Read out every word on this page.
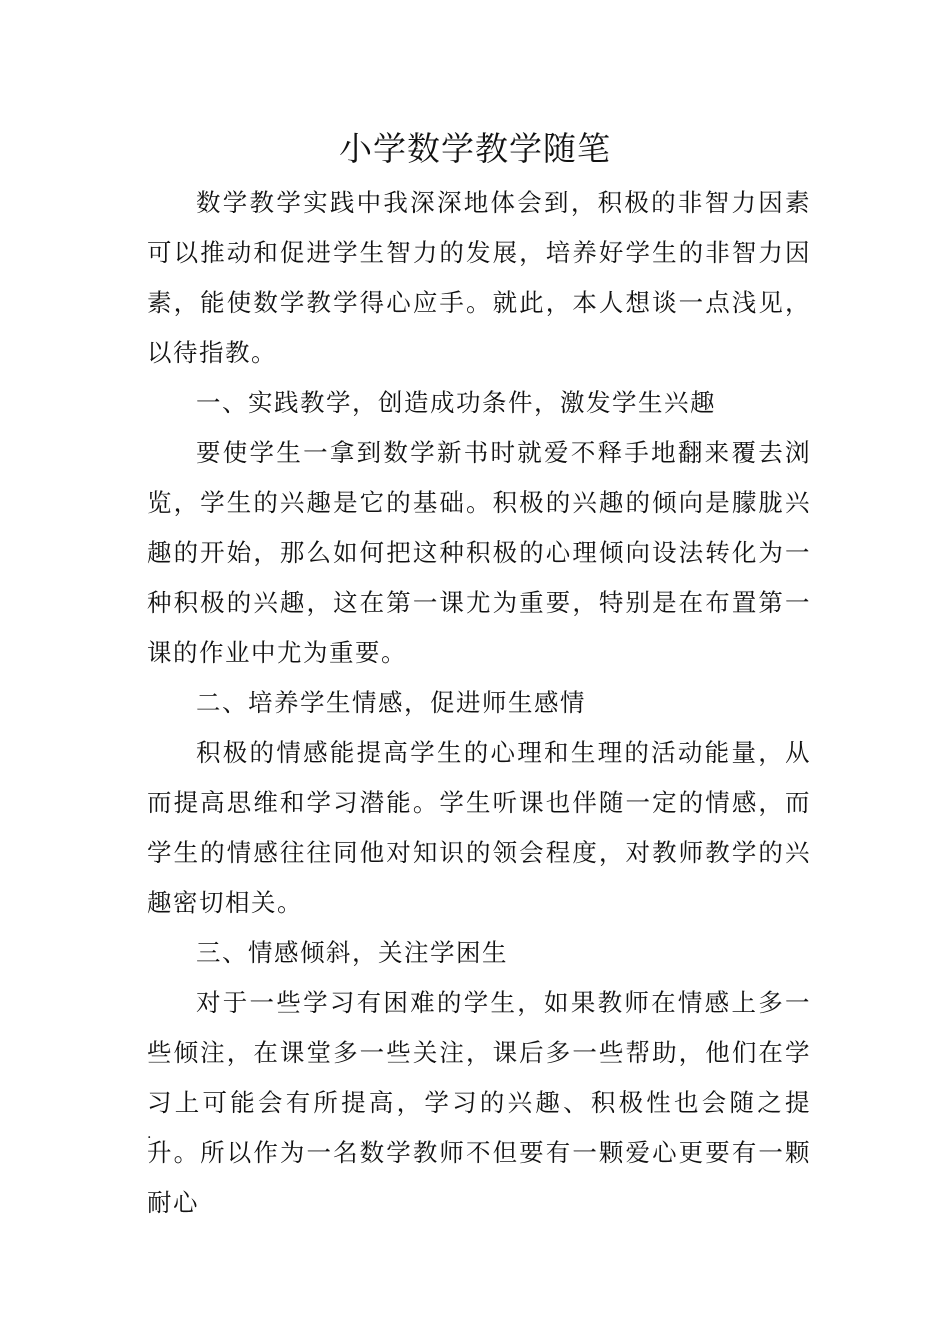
小学数学教学随笔

数学教学实践中我深深地体会到，积极的非智力因素可以推动和促进学生智力的发展，培养好学生的非智力因素，能使数学教学得心应手。就此，本人想谈一点浅见，以待指教。

一、实践教学，创造成功条件，激发学生兴趣

要使学生一拿到数学新书时就爱不释手地翻来覆去浏览，学生的兴趣是它的基础。积极的兴趣的倾向是朦胧兴趣的开始，那么如何把这种积极的心理倾向设法转化为一种积极的兴趣，这在第一课尤为重要，特别是在布置第一课的作业中尤为重要。

二、培养学生情感，促进师生感情

积极的情感能提高学生的心理和生理的活动能量，从而提高思维和学习潜能。学生听课也伴随一定的情感，而学生的情感往往同他对知识的领会程度，对教师教学的兴趣密切相关。

三、情感倾斜，关注学困生

对于一些学习有困难的学生，如果教师在情感上多一些倾注，在课堂多一些关注，课后多一些帮助，他们在学习上可能会有所提高，学习的兴趣、积极性也会随之提升。所以作为一名数学教师不但要有一颗爱心更要有一颗耐心

.
